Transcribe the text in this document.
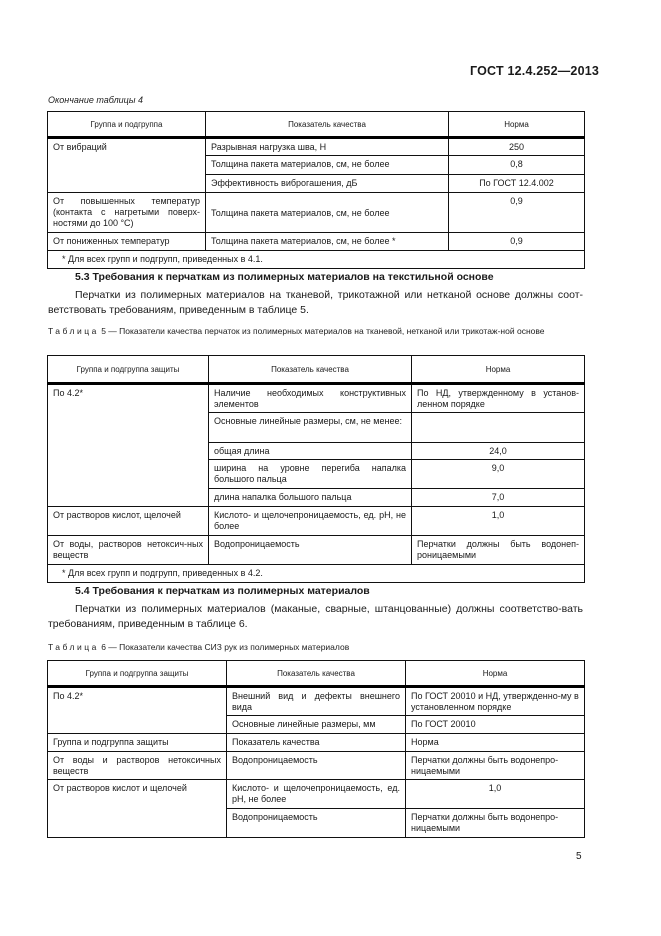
ГОСТ 12.4.252—2013
Окончание таблицы 4
Группа и подгруппа	Показатель качества	Норма
От вибраций	Разрывная нагрузка шва, Н	250
	Толщина пакета материалов, см, не более	0,8
	Эффективность виброгашения, дБ	По ГОСТ 12.4.002
От повышенных температур (контакта с нагретыми поверх-ностями до 100 °С)	Толщина пакета материалов, см, не более	0,9
От пониженных температур	Толщина пакета материалов, см, не более *	0,9
* Для всех групп и подгрупп, приведенных в 4.1.		
5.3 Требования к перчаткам из полимерных материалов на текстильной основе
Перчатки из полимерных материалов на тканевой, трикотажной или нетканой основе должны соот-ветствовать требованиям, приведенным в таблице 5.
Таблица 5 — Показатели качества перчаток из полимерных материалов на тканевой, нетканой или трикотаж-ной основе
Группа и подгруппа защиты	Показатель качества	Норма
По 4.2*	Наличие необходимых конструктивных элементов	По НД, утвержденному в установ-ленном порядке
	Основные линейные размеры, см, не менее:	
	общая длина	24,0
	ширина на уровне перегиба напалка большого пальца	9,0
	длина напалка большого пальца	7,0
От растворов кислот, щелочей	Кислото- и щелочепроницаемость, ед. pH, не более	1,0
От воды, растворов нетоксич-ных веществ	Водопроницаемость	Перчатки должны быть водонеп-роницаемыми
* Для всех групп и подгрупп, приведенных в 4.2.		
5.4 Требования к перчаткам из полимерных материалов
Перчатки из полимерных материалов (маканые, сварные, штанцованные) должны соответство-вать требованиям, приведенным в таблице 6.
Таблица 6 — Показатели качества СИЗ рук из полимерных материалов
Группа и подгруппа защиты	Показатель качества	Норма
По 4.2*	Внешний вид и дефекты внешнего вида	По ГОСТ 20010 и НД, утвержденно-му в установленном порядке
	Основные линейные размеры, мм	По ГОСТ 20010
Группа и подгруппа защиты	Показатель качества	Норма
От воды и растворов нетоксичных веществ	Водопроницаемость	Перчатки должны быть водонепро-ницаемыми
От растворов кислот и щелочей	Кислото- и щелочепроницаемость, ед. pH, не более	1,0
	Водопроницаемость	Перчатки должны быть водонепро-ницаемыми
5
